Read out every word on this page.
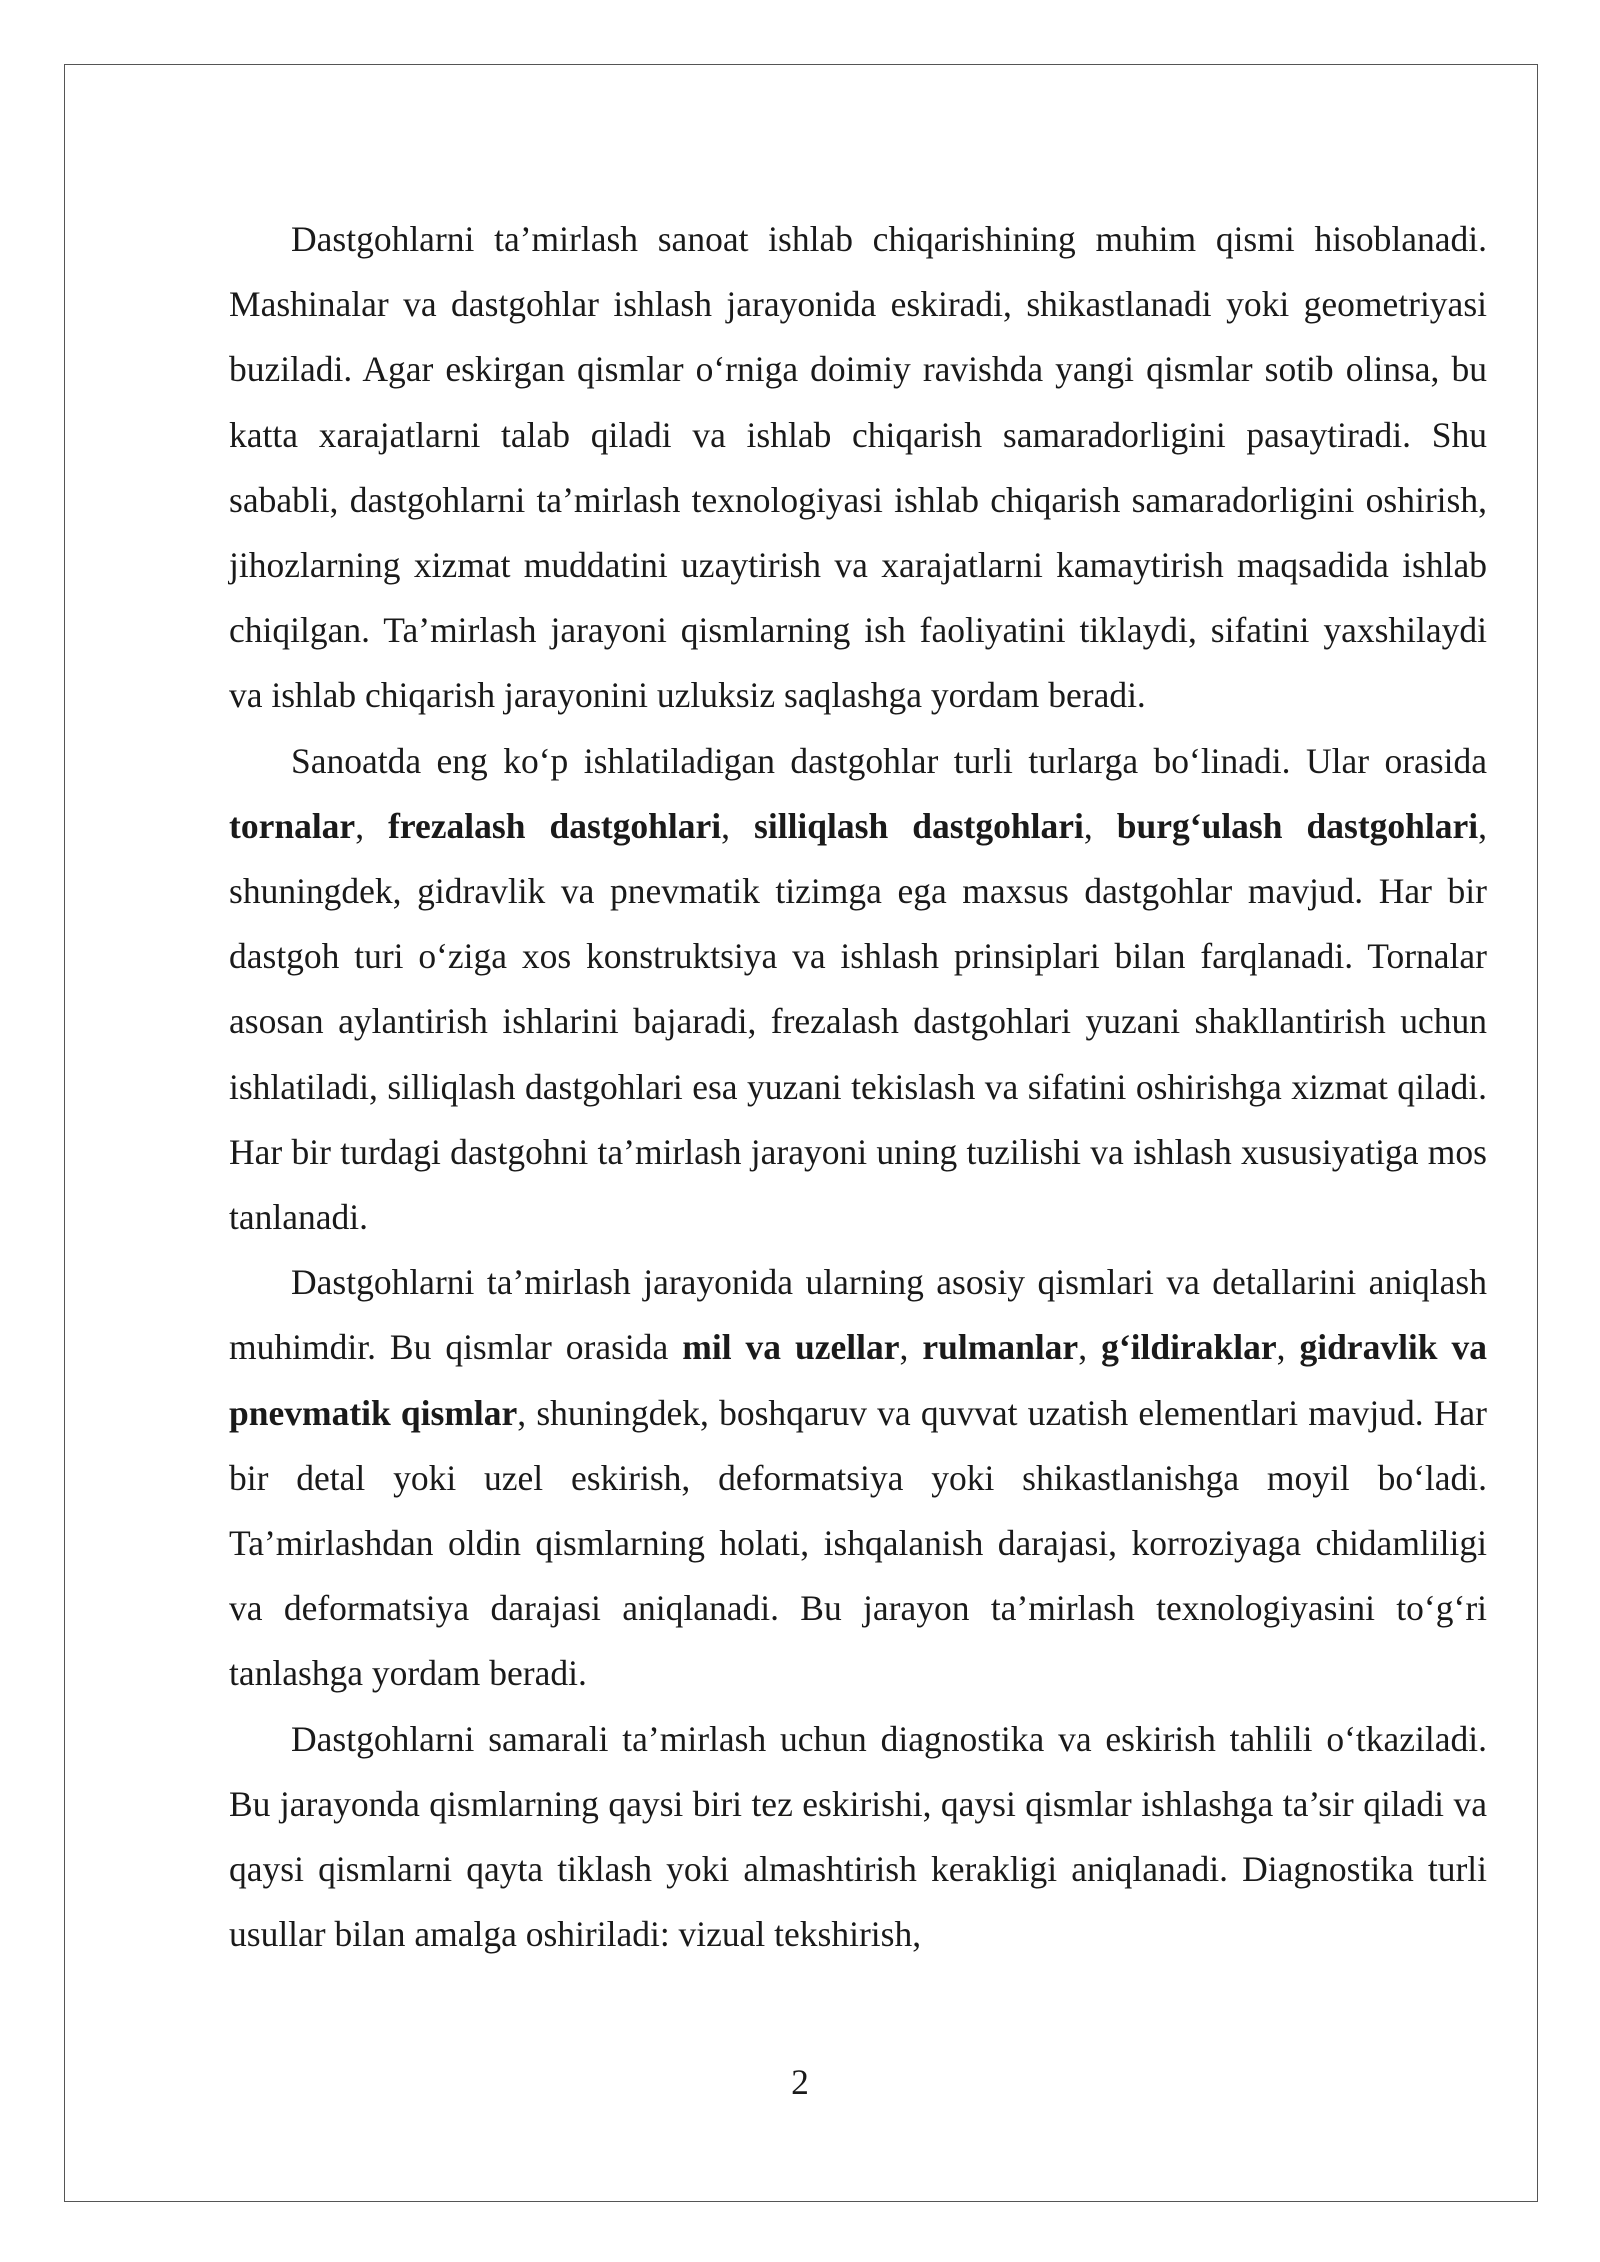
Dastgohlarni ta’mirlash sanoat ishlab chiqarishining muhim qismi hisoblanadi. Mashinalar va dastgohlar ishlash jarayonida eskiradi, shikastlanadi yoki geometriyasi buziladi. Agar eskirgan qismlar o‘rniga doimiy ravishda yangi qismlar sotib olinsa, bu katta xarajatlarni talab qiladi va ishlab chiqarish samaradorligini pasaytiradi. Shu sababli, dastgohlarni ta’mirlash texnologiyasi ishlab chiqarish samaradorligini oshirish, jihozlarning xizmat muddatini uzaytirish va xarajatlarni kamaytirish maqsadida ishlab chiqilgan. Ta’mirlash jarayoni qismlarning ish faoliyatini tiklaydi, sifatini yaxshilaydi va ishlab chiqarish jarayonini uzluksiz saqlashga yordam beradi.

Sanoatda eng ko‘p ishlatiladigan dastgohlar turli turlarga bo‘linadi. Ular orasida tornalar, frezalash dastgohlari, silliqlash dastgohlari, burg‘ulash dastgohlari, shuningdek, gidravlik va pnevmatik tizimga ega maxsus dastgohlar mavjud. Har bir dastgoh turi o‘ziga xos konstruktsiya va ishlash prinsiplari bilan farqlanadi. Tornalar asosan aylantirish ishlarini bajaradi, frezalash dastgohlari yuzani shakllantirish uchun ishlatiladi, silliqlash dastgohlari esa yuzani tekislash va sifatini oshirishga xizmat qiladi. Har bir turdagi dastgohni ta’mirlash jarayoni uning tuzilishi va ishlash xususiyatiga mos tanlanadi.

Dastgohlarni ta’mirlash jarayonida ularning asosiy qismlari va detallarini aniqlash muhimdir. Bu qismlar orasida mil va uzellar, rulmanlar, g‘ildiraklar, gidravlik va pnevmatik qismlar, shuningdek, boshqaruv va quvvat uzatish elementlari mavjud. Har bir detal yoki uzel eskirish, deformatsiya yoki shikastlanishga moyil bo‘ladi. Ta’mirlashdan oldin qismlarning holati, ishqalanish darajasi, korroziyaga chidamliligi va deformatsiya darajasi aniqlanadi. Bu jarayon ta’mirlash texnologiyasini to‘g‘ri tanlashga yordam beradi.

Dastgohlarni samarali ta’mirlash uchun diagnostika va eskirish tahlili o‘tkaziladi. Bu jarayonda qismlarning qaysi biri tez eskirishi, qaysi qismlar ishlashga ta’sir qiladi va qaysi qismlarni qayta tiklash yoki almashtirish kerakligi aniqlanadi. Diagnostika turli usullar bilan amalga oshiriladi: vizual tekshirish,

2
